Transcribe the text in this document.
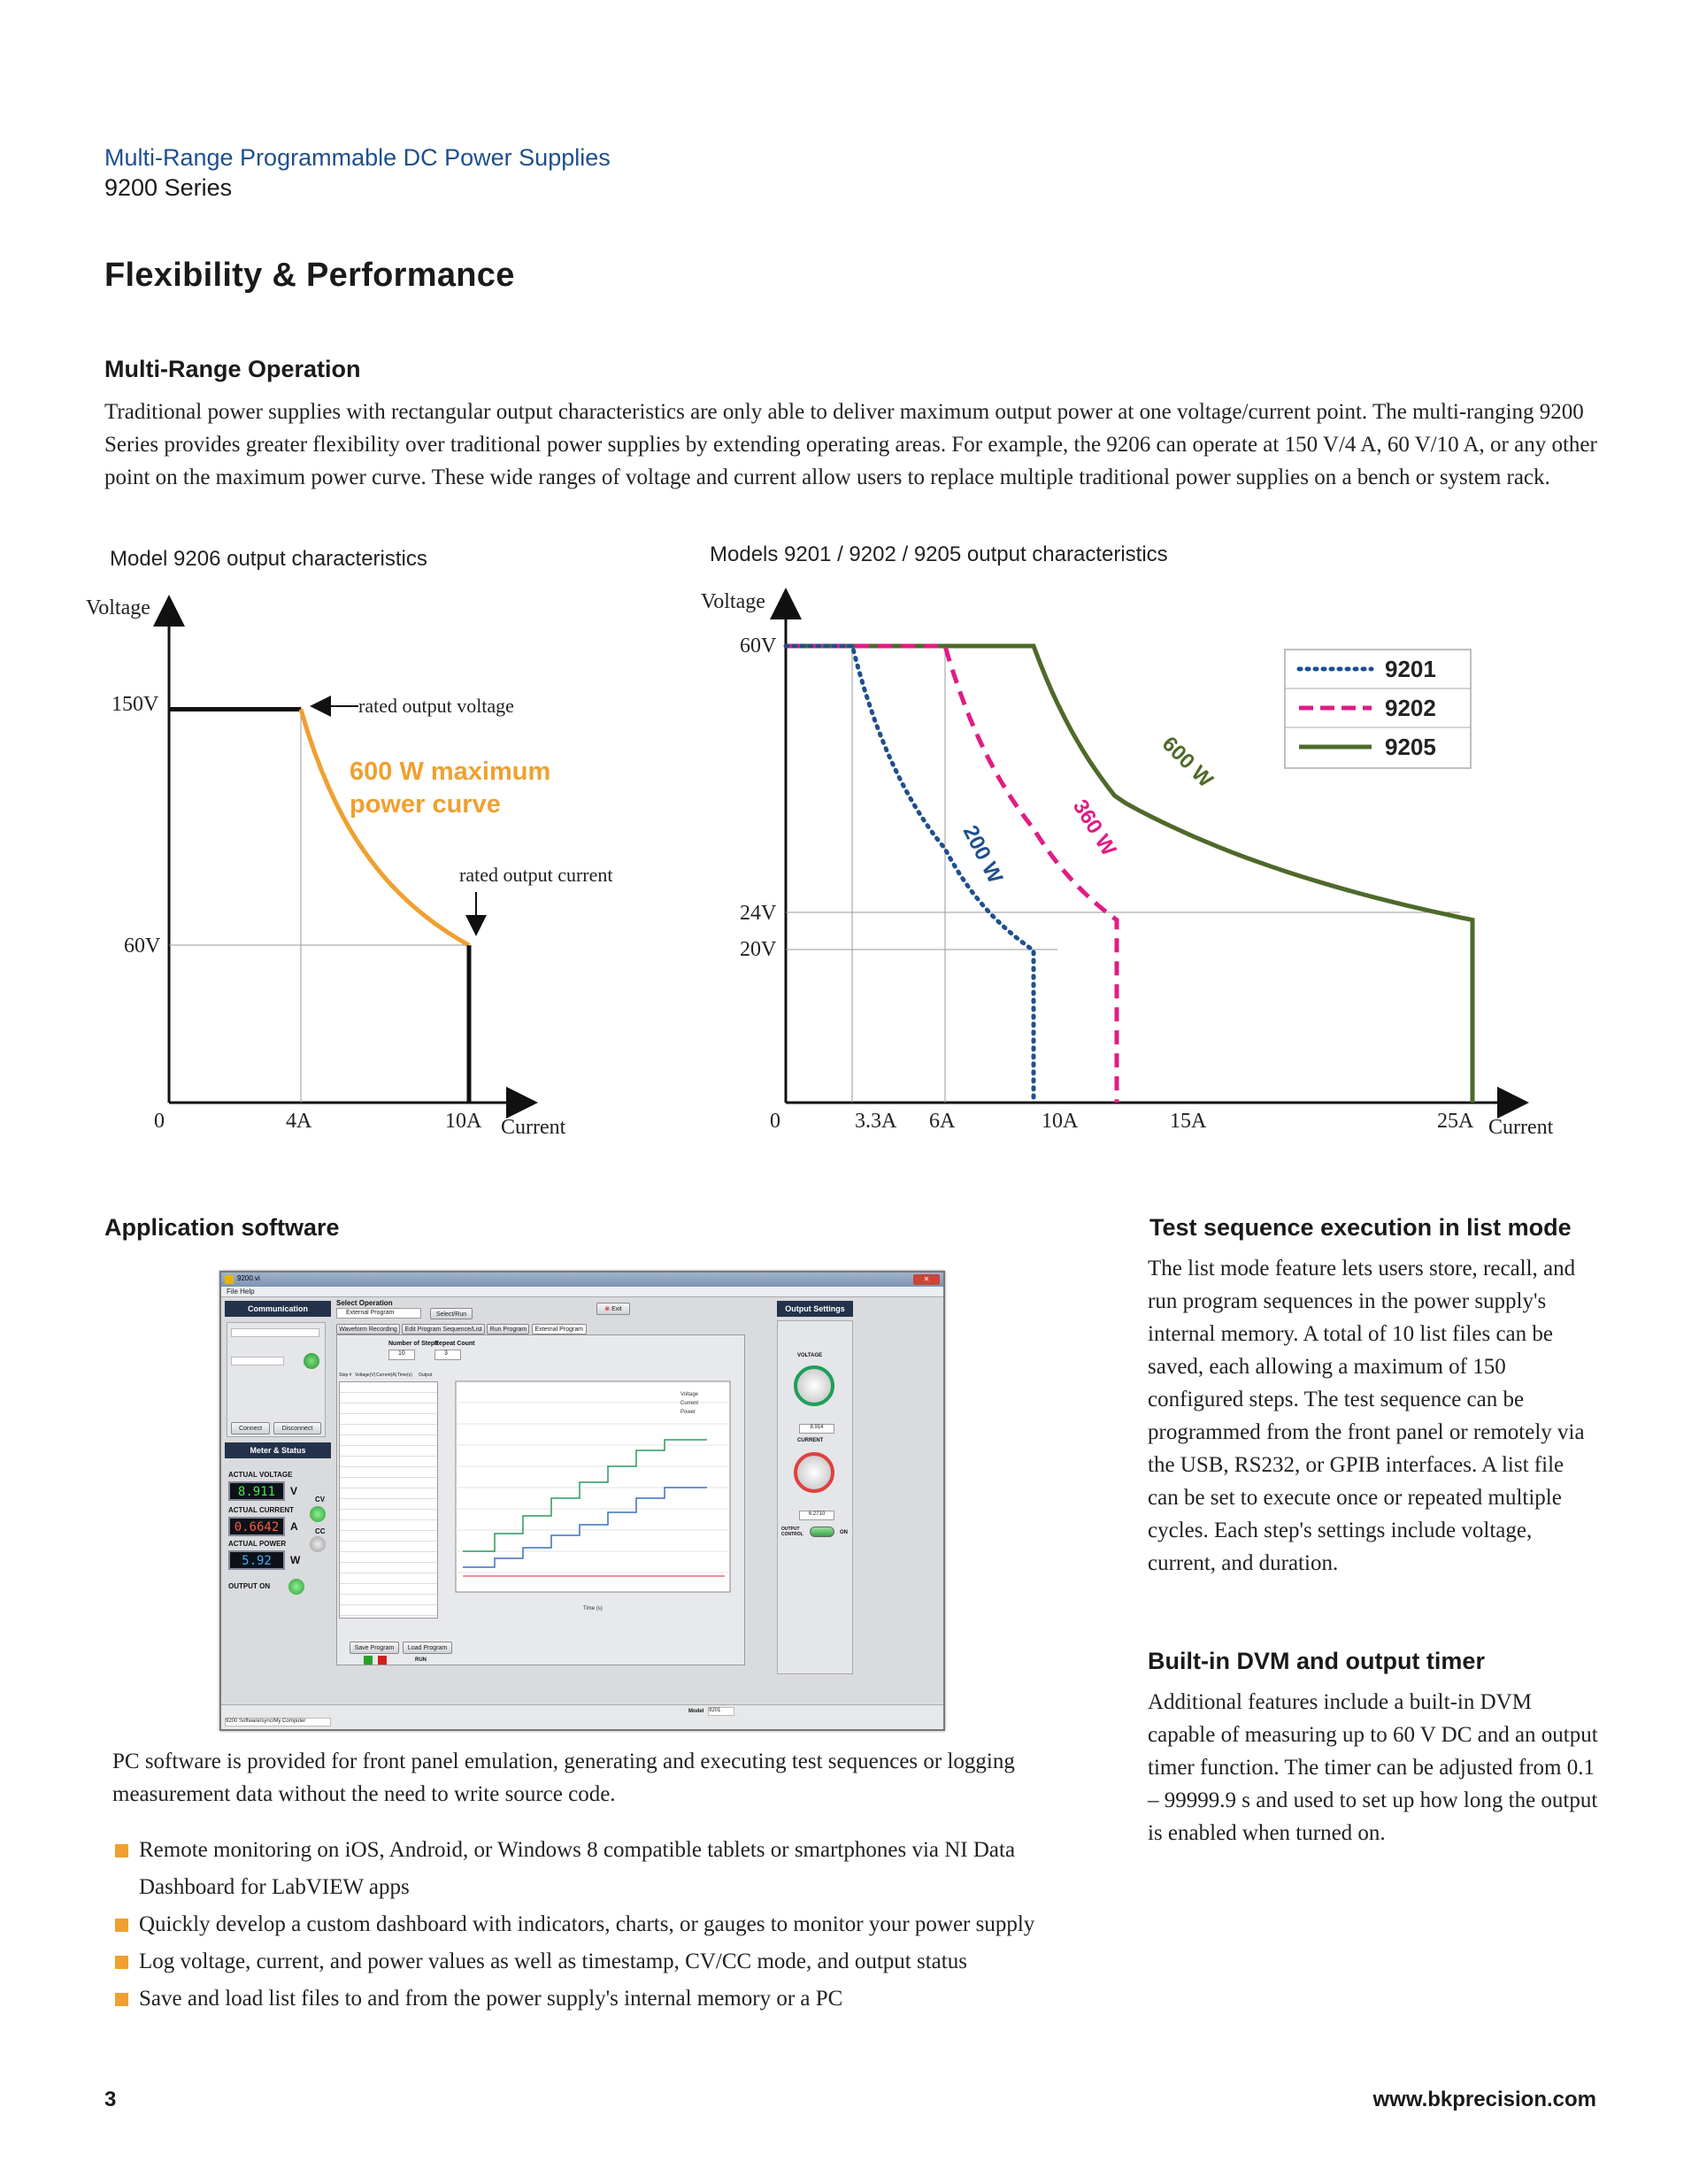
Multi-Range Programmable DC Power Supplies
9200 Series
Flexibility & Performance
Multi-Range Operation
Traditional power supplies with rectangular output characteristics are only able to deliver maximum output power at one voltage/current point. The multi-ranging 9200 Series provides greater flexibility over traditional power supplies by extending operating areas. For example, the 9206 can operate at 150 V/4 A, 60 V/10 A, or any other point on the maximum power curve. These wide ranges of voltage and current allow users to replace multiple traditional power supplies on a bench or system rack.
Model 9206 output characteristics
Voltage
Current
150V
60V
0	4A	10A
rated output voltage
rated output current
600 W maximum
power curve
Models 9201 / 9202 / 9205 output characteristics
Voltage
Current
60V
24V
20V
0	3.3A 6A	10A	15A	25A
200 W	360 W
600 W
9201
9202
9205
Application software
9200.vi	✕
File Help
Communication
Connect	Disconnect
Meter & Status
ACTUAL VOLTAGE
8.911	V
CV
ACTUAL CURRENT
0.6642	A CC
ACTUAL POWER
5.92	W
OUTPUT ON
Select Operation
External Program	Select/Run
⊗ Exit
Waveform Recording Edit Program Sequence/List Run Program External Program
Number of Steps
Repeat Count
10	3
Step # Voltage(V) Current(A) Time(s)	Output
Voltage
Current
Power
Time (s)
Save Program	Load Program
RUN
Output Settings
VOLTAGE
8.914
CURRENT
6.2710
OUTPUT CONTROL	ON
9200 Software/sync/My Computer
Model 9201
PC software is provided for front panel emulation, generating and executing test sequences or logging measurement data without the need to write source code.
Remote monitoring on iOS, Android, or Windows 8 compatible tablets or smartphones via NI Data Dashboard for LabVIEW apps
Quickly develop a custom dashboard with indicators, charts, or gauges to monitor your power supply
Log voltage, current, and power values as well as timestamp, CV/CC mode, and output status
Save and load list files to and from the power supply's internal memory or a PC
Test sequence execution in list mode
The list mode feature lets users store, recall, and run program sequences in the power supply's internal memory. A total of 10 list files can be saved, each allowing a maximum of 150 configured steps. The test sequence can be programmed from the front panel or remotely via the USB, RS232, or GPIB interfaces. A list file can be set to execute once or repeated multiple cycles. Each step's settings include voltage, current, and duration.
Built-in DVM and output timer
Additional features include a built-in DVM capable of measuring up to 60 V DC and an output timer function. The timer can be adjusted from 0.1 – 99999.9 s and used to set up how long the output is enabled when turned on.
3	www.bkprecision.com
